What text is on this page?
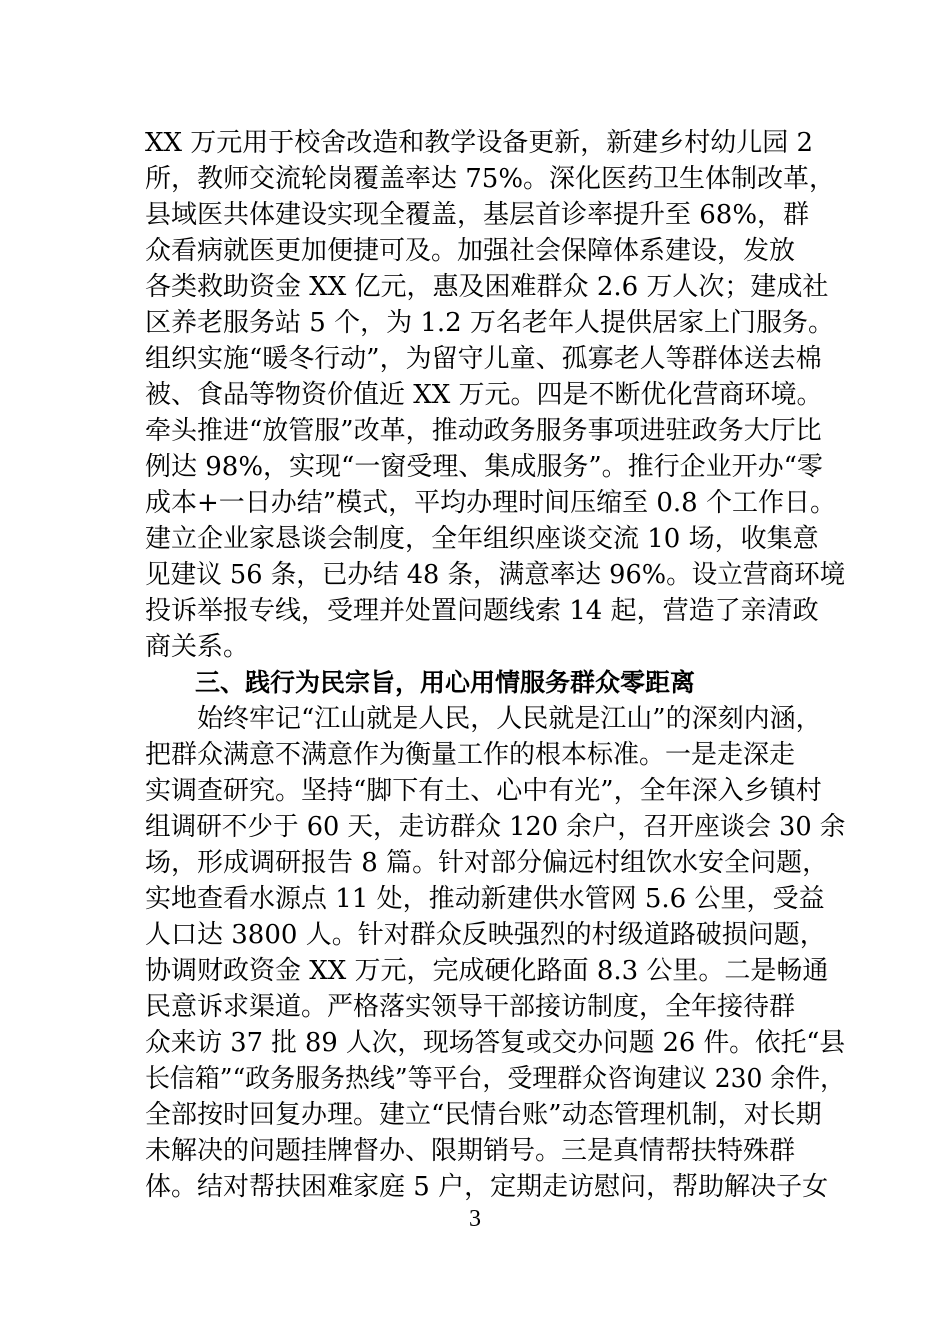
XX 万元用于校舍改造和教学设备更新，新建乡村幼儿园 2
所，教师交流轮岗覆盖率达 75%。深化医药卫生体制改革，
县域医共体建设实现全覆盖，基层首诊率提升至 68%，群
众看病就医更加便捷可及。加强社会保障体系建设，发放
各类救助资金 XX 亿元，惠及困难群众 2.6 万人次；建成社
区养老服务站 5 个，为 1.2 万名老年人提供居家上门服务。
组织实施“暖冬行动”，为留守儿童、孤寡老人等群体送去棉
被、食品等物资价值近 XX 万元。四是不断优化营商环境。
牵头推进“放管服”改革，推动政务服务事项进驻政务大厅比
例达 98%，实现“一窗受理、集成服务”。推行企业开办“零
成本+一日办结”模式，平均办理时间压缩至 0.8 个工作日。
建立企业家恳谈会制度，全年组织座谈交流 10 场，收集意
见建议 56 条，已办结 48 条，满意率达 96%。设立营商环境
投诉举报专线，受理并处置问题线索 14 起，营造了亲清政
商关系。
　　三、践行为民宗旨，用心用情服务群众零距离
　　始终牢记“江山就是人民，人民就是江山”的深刻内涵，
把群众满意不满意作为衡量工作的根本标准。一是走深走
实调查研究。坚持“脚下有土、心中有光”，全年深入乡镇村
组调研不少于 60 天，走访群众 120 余户，召开座谈会 30 余
场，形成调研报告 8 篇。针对部分偏远村组饮水安全问题，
实地查看水源点 11 处，推动新建供水管网 5.6 公里，受益
人口达 3800 人。针对群众反映强烈的村级道路破损问题，
协调财政资金 XX 万元，完成硬化路面 8.3 公里。二是畅通
民意诉求渠道。严格落实领导干部接访制度，全年接待群
众来访 37 批 89 人次，现场答复或交办问题 26 件。依托“县
长信箱”“政务服务热线”等平台，受理群众咨询建议 230 余件，
全部按时回复办理。建立“民情台账”动态管理机制，对长期
未解决的问题挂牌督办、限期销号。三是真情帮扶特殊群
体。结对帮扶困难家庭 5 户，定期走访慰问，帮助解决子女
3
